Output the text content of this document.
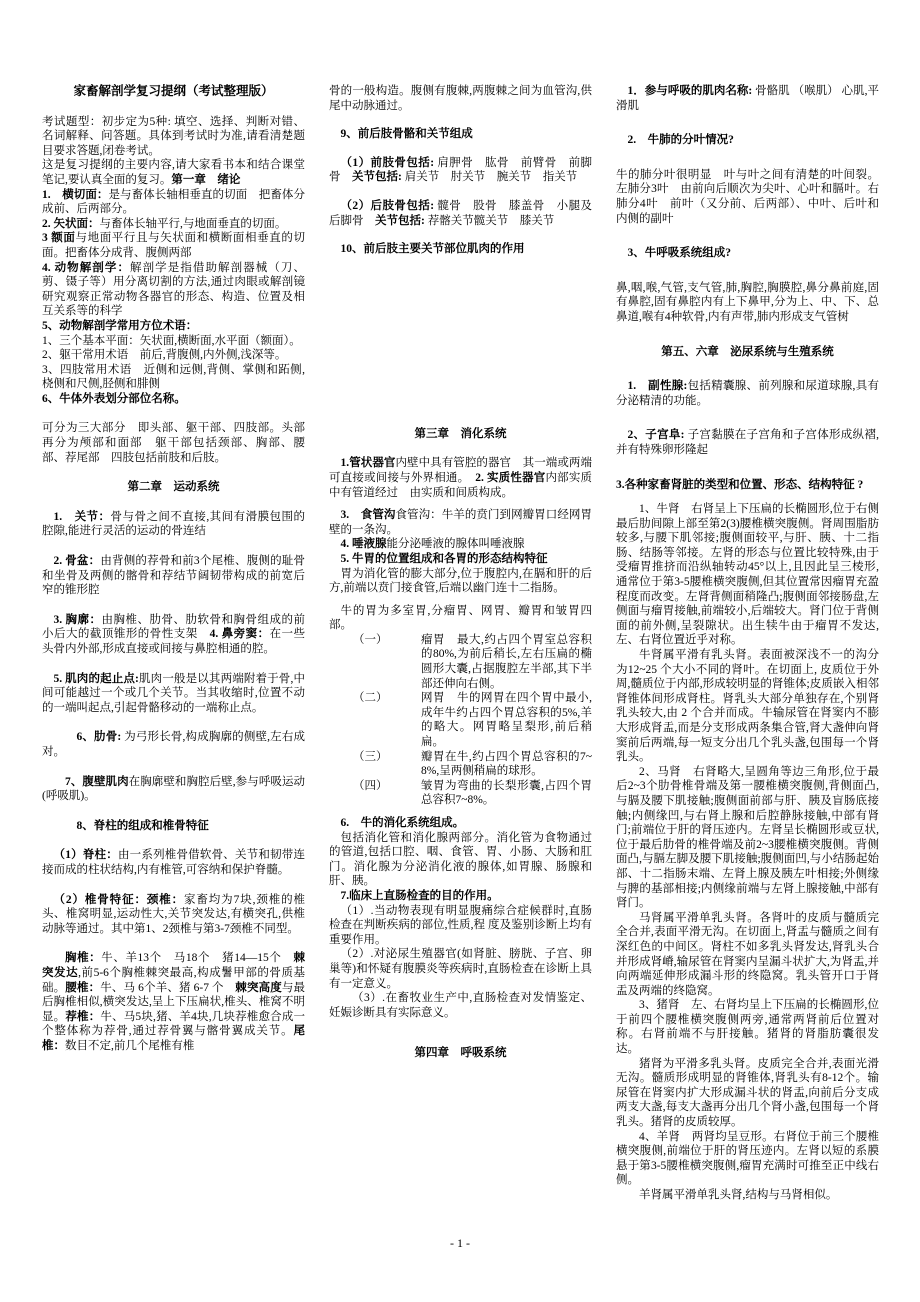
家畜解剖学复习提纲（考试整理版）
考试题型：初步定为5种: 填空、选择、判断对错、名词解释、问答题。具体到考试时为准,请看清楚题目要求答题,闭卷考试。
这是复习提纲的主要内容,请大家看书本和结合课堂笔记,要认真全面的复习。第一章　绪论
1.　横切面：是与畜体长轴相垂直的切面　把畜体分成前、后两部分。
2. 矢状面：与畜体长轴平行,与地面垂直的切面。
3 额面与地面平行且与矢状面和横断面相垂直的切面。把畜体分成背、腹侧两部
4. 动物解剖学：解剖学是指借助解剖器械（刀、剪、镊子等）用分离切割的方法,通过肉眼或解剖镜研究观察正常动物各器官的形态、构造、位置及相互关系等的科学
5、动物解剖学常用方位术语：
1、三个基本平面：矢状面,横断面,水平面（额面）。
2、躯干常用术语　前后,背腹侧,内外侧,浅深等。
3、四肢常用术语　近侧和远侧,背侧、掌侧和跖侧,桡侧和尺侧,胫侧和腓侧
6、牛体外表划分部位名称。
可分为三大部分　即头部、躯干部、四肢部。头部再分为颅部和面部　躯干部包括颈部、胸部、腰部、荐尾部　四肢包括前肢和后肢。
第二章　运动系统
1.　关节：骨与骨之间不直接,其间有滑膜包围的腔隙,能进行灵活的运动的骨连结
2. 骨盆：由背侧的荐骨和前3个尾椎、腹侧的耻骨和坐骨及两侧的髂骨和荐结节阔韧带构成的前宽后窄的锥形腔
3. 胸廓：由胸椎、肋骨、肋软骨和胸骨组成的前小后大的截顶锥形的骨性支架　4. 鼻旁窦：在一些头骨内外部,形成直接或间接与鼻腔相通的腔。
5. 肌肉的起止点:肌肉一般是以其两端附着于骨,中间可能越过一个或几个关节。当其收缩时,位置不动的一端叫起点,引起骨骼移动的一端称止点。
6、肋骨: 为弓形长骨,构成胸廓的侧壁,左右成对。
7、腹壁肌肉在胸廓壁和胸腔后壁,参与呼吸运动(呼吸肌)。
8、脊柱的组成和椎骨特征
（1）脊柱：由一系列椎骨借软骨、关节和韧带连接而成的柱状结构,内有椎管,可容纳和保护脊髓。
（2）椎骨特征：颈椎：家畜均为7块,颈椎的椎头、椎窝明显,运动性大,关节突发达,有横突孔,供椎动脉等通过。其中第1、2颈椎与第3-7颈椎不同型。
胸椎：牛、羊13个　马18个　猪14—15个　棘突发达,前5-6个胸椎棘突最高,构成鬐甲部的骨质基础。腰椎：牛、马 6个羊、猪 6-7 个　棘突高度与最后胸椎相似,横突发达,呈上下压扁状,椎头、椎窝不明显。荐椎：牛、马5块,猪、羊4块,几块荐椎愈合成一个整体称为荐骨,通过荐骨翼与髂骨翼成关节。尾椎：数目不定,前几个尾椎有椎
骨的一般构造。腹侧有腹棘,两腹棘之间为血管沟,供尾中动脉通过。
9、前后肢骨骼和关节组成
（1）前肢骨包括: 肩胛骨　肱骨　前臂骨　前脚骨　关节包括: 肩关节　肘关节　腕关节　指关节
（2）后肢骨包括: 髋骨　股骨　膝盖骨　小腿及后脚骨　关节包括: 荐髂关节髋关节　膝关节
10、前后肢主要关节部位肌肉的作用
第三章　消化系统
1.管状器官内壁中具有管腔的器官　其一端或两端可直接或间接与外界相通。　2. 实质性器官内部实质中有管道经过　由实质和间质构成。
3.　食管沟食管沟：牛羊的贲门到网瓣胃口经网胃壁的一条沟。
4. 唾液腺能分泌唾液的腺体叫唾液腺
5. 牛胃的位置组成和各胃的形态结构特征
胃为消化管的膨大部分,位于腹腔内,在膈和肝的后方,前端以贲门接食管,后端以幽门连十二指肠。
牛的胃为多室胃,分瘤胃、网胃、瓣胃和皱胃四部。
（一）	瘤胃　最大,约占四个胃室总容积的80%,为前后稍长,左右压扁的椭圆形大囊,占据腹腔左半部,其下半部还伸向右侧。
（二）	网胃　牛的网胃在四个胃中最小,成年牛约占四个胃总容积的5%,羊的略大。网胃略呈梨形,前后稍扁。
（三）	瓣胃在牛,约占四个胃总容积的7~8%,呈两侧稍扁的球形。
（四）	皱胃为弯曲的长梨形囊,占四个胃总容积7~8%。
6.　牛的消化系统组成。
包括消化管和消化腺两部分。消化管为食物通过的管道,包括口腔、咽、食管、胃、小肠、大肠和肛门。消化腺为分泌消化液的腺体,如胃腺、肠腺和肝、胰。
7.临床上直肠检查的目的作用。
（1）.当动物表现有明显腹痛综合症候群时,直肠检查在判断疾病的部位,性质,程 度及鉴别诊断上均有重要作用。
（2）.对泌尿生殖器官(如肾脏、膀胱、子宫、卵巢等)和怀疑有腹膜炎等疾病时,直肠检查在诊断上具有一定意义。
（3）.在畜牧业生产中,直肠检查对发情鉴定、妊娠诊断具有实际意义。
第四章　呼吸系统
1．参与呼吸的肌肉名称: 骨骼肌 （喉肌） 心肌,平滑肌
2.　牛肺的分叶情况?
牛的肺分叶很明显　叶与叶之间有清楚的叶间裂。左肺分3叶　由前向后顺次为尖叶、心叶和膈叶。右肺分4叶　前叶（又分前、后两部）、中叶、后叶和内侧的副叶
3、牛呼吸系统组成?
鼻,咽,喉,气管,支气管,肺,胸腔,胸膜腔,鼻分鼻前庭,固有鼻腔,固有鼻腔内有上下鼻甲,分为上、中、下、总鼻道,喉有4种软骨,内有声带,肺内形成支气管树
第五、六章　泌尿系统与生殖系统
1.　副性腺:包括精囊腺、前列腺和尿道球腺,具有分泌精清的功能。
2、子宫阜: 子宫黏膜在子宫角和子宫体形成纵褶,并有特殊卵形隆起
3.各种家畜肾脏的类型和位置、形态、结构特征 ?
1、牛肾　右肾呈上下压扁的长椭圆形,位于右侧最后肋间隙上部至第2(3)腰椎横突腹侧。肾周围脂肪较多,与腰下肌邻接;腹侧面较平,与肝、胰、十二指肠、结肠等邻接。左肾的形态与位置比较特殊,由于受瘤胃推挤而沿纵轴转动45°以上,且因此呈三棱形,通常位于第3-5腰椎横突腹侧,但其位置常因瘤胃充盈程度而改变。左肾背侧面稍隆凸;腹侧面邻接肠盘,左侧面与瘤胃接触,前端较小,后端较大。肾门位于背侧面的前外侧,呈裂隙状。出生犊牛由于瘤胃不发达,左、右肾位置近乎对称。
牛肾属平滑有乳头肾。表面被深浅不一的沟分为12~25 个大小不同的肾叶。在切面上, 皮质位于外周,髓质位于内部,形成较明显的肾锥体;皮质嵌入相邻肾锥体间形成肾柱。肾乳头大部分单独存在,个别肾乳头较大,由 2 个合并而成。牛输尿管在肾窦内不膨大形成肾盂,而是分支形成两条集合管,肾大盏伸向肾窦前后两端,每一短支分出几个乳头盏,包围每一个肾乳头。
2、马肾　右肾略大,呈圆角等边三角形,位于最后2~3个肋骨椎骨端及第一腰椎横突腹侧,背侧面凸,与膈及腰下肌接触;腹侧面前部与肝、胰及盲肠底接触;内侧缘凹,与右肾上腺和后腔静脉接触,中部有肾门;前端位于肝的肾压迹内。左肾呈长椭圆形或豆状,位于最后肋骨的椎骨端及前2~3腰椎横突腹侧。背侧面凸,与膈左脚及腰下肌接触;腹侧面凹,与小结肠起始部、十二指肠末端、左肾上腺及胰左叶相接;外侧缘与脾的基部相接;内侧缘前端与左肾上腺接触,中部有肾门。
马肾属平滑单乳头肾。各肾叶的皮质与髓质完全合并,表面平滑无沟。在切面上,肾盂与髓质之间有深红色的中间区。肾柱不如多乳头肾发达,肾乳头合并形成肾嵴,输尿管在肾窦内呈漏斗状扩大,为肾盂,并向两端延伸形成漏斗形的终隐窝。乳头管开口于肾盂及两端的终隐窝。
3、猪肾　左、右肾均呈上下压扁的长椭圆形,位于前四个腰椎横突腹侧两旁,通常两肾前后位置对称。右肾前端不与肝接触。猪肾的肾脂肪囊很发达。
猪肾为平滑多乳头肾。皮质完全合并,表面光滑无沟。髓质形成明显的肾锥体,肾乳头有8-12个。输尿管在肾窦内扩大形成漏斗状的肾盂,向前后分支成两支大盏,每支大盏再分出几个肾小盏,包围每一个肾乳头。猪肾的皮质较厚。
4、羊肾　两肾均呈豆形。右肾位于前三个腰椎横突腹侧,前端位于肝的肾压迹内。左肾以短的系膜悬于第3-5腰椎横突腹侧,瘤胃充满时可推至正中线右侧。
羊肾属平滑单乳头肾,结构与马肾相似。
- 1 -
